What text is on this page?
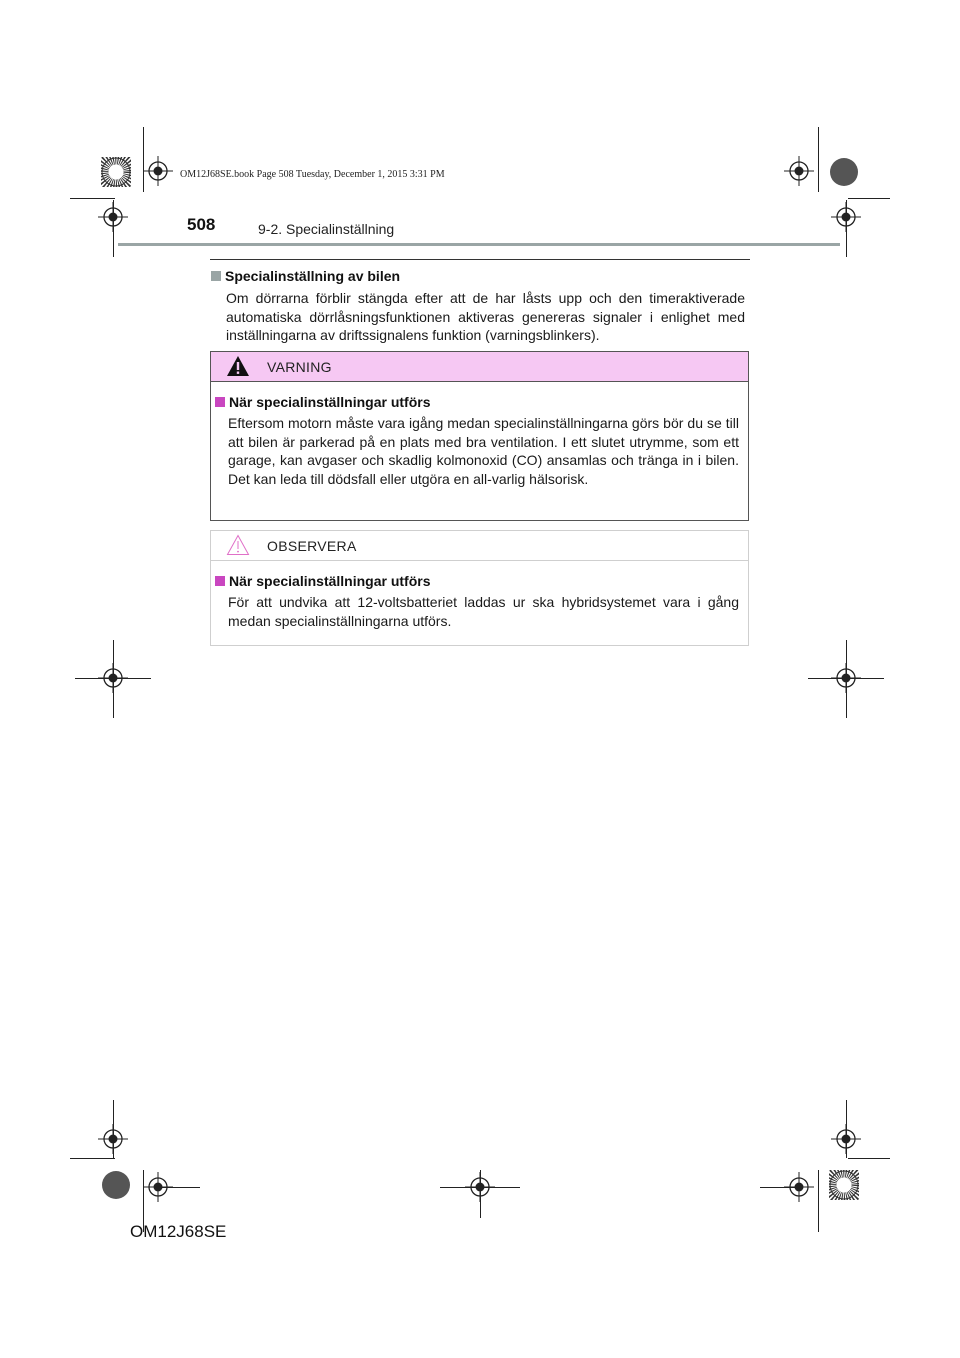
OM12J68SE.book Page 508 Tuesday, December 1, 2015 3:31 PM
508	9-2. Specialinställning
Specialinställning av bilen
Om dörrarna förblir stängda efter att de har låsts upp och den timeraktiverade automatiska dörrlåsningsfunktionen aktiveras genereras signaler i enlighet med inställningarna av driftssignalens funktion (varningsblinkers).
VARNING
När specialinställningar utförs
Eftersom motorn måste vara igång medan specialinställningarna görs bör du se till att bilen är parkerad på en plats med bra ventilation. I ett slutet utrymme, som ett garage, kan avgaser och skadlig kolmonoxid (CO) ansamlas och tränga in i bilen. Det kan leda till dödsfall eller utgöra en all-varlig hälsorisk.
OBSERVERA
När specialinställningar utförs
För att undvika att 12-voltsbatteriet laddas ur ska hybridsystemet vara i gång medan specialinställningarna utförs.
OM12J68SE
